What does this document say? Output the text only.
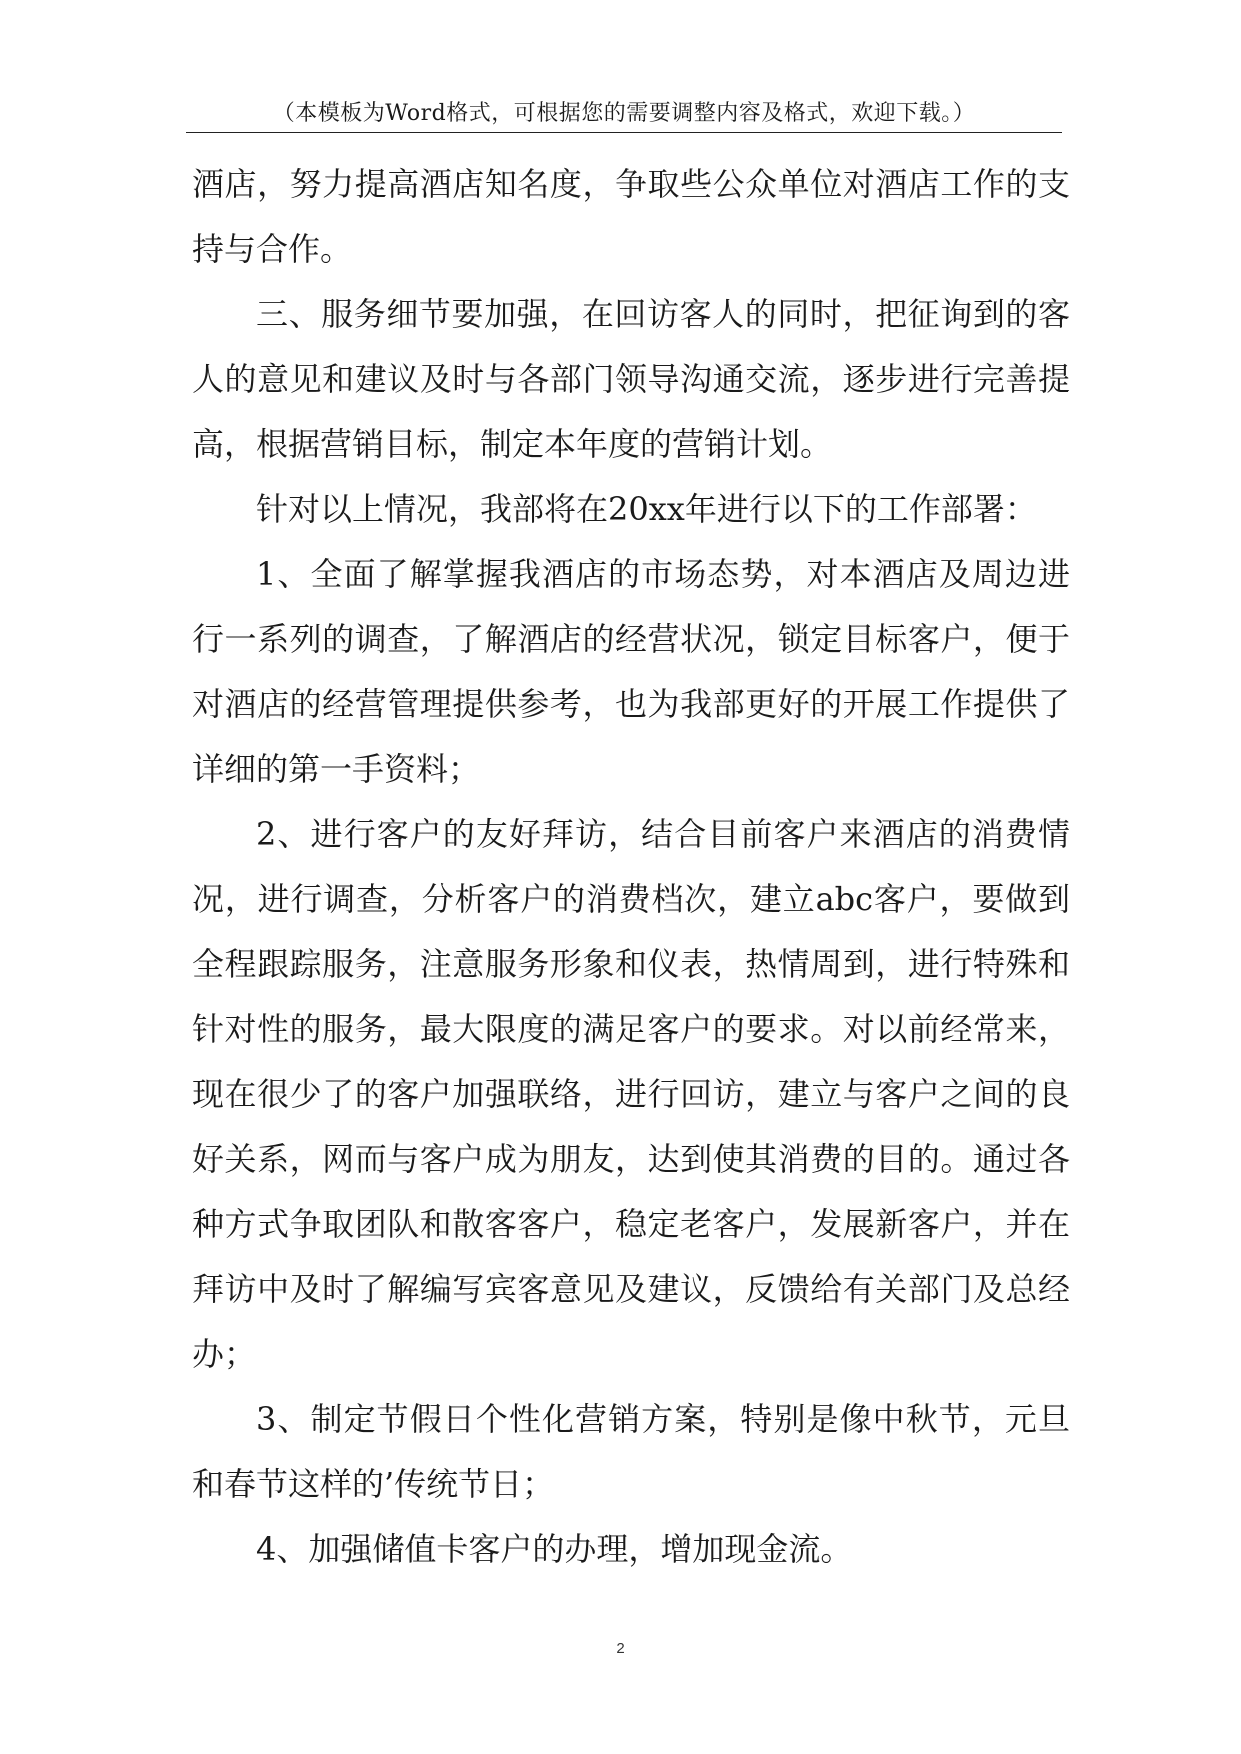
（本模板为Word格式，可根据您的需要调整内容及格式，欢迎下载。）

酒店，努力提高酒店知名度，争取些公众单位对酒店工作的支持与合作。

三、服务细节要加强，在回访客人的同时，把征询到的客人的意见和建议及时与各部门领导沟通交流，逐步进行完善提高，根据营销目标，制定本年度的营销计划。

针对以上情况，我部将在20xx年进行以下的工作部署：

1、全面了解掌握我酒店的市场态势，对本酒店及周边进行一系列的调查，了解酒店的经营状况，锁定目标客户，便于对酒店的经营管理提供参考，也为我部更好的开展工作提供了详细的第一手资料；

2、进行客户的友好拜访，结合目前客户来酒店的消费情况，进行调查，分析客户的消费档次，建立abc客户，要做到全程跟踪服务，注意服务形象和仪表，热情周到，进行特殊和针对性的服务，最大限度的满足客户的要求。对以前经常来，现在很少了的客户加强联络，进行回访，建立与客户之间的良好关系，网而与客户成为朋友，达到使其消费的目的。通过各种方式争取团队和散客客户，稳定老客户，发展新客户，并在拜访中及时了解编写宾客意见及建议，反馈给有关部门及总经办；

3、制定节假日个性化营销方案，特别是像中秋节，元旦和春节这样的’传统节日；

4、加强储值卡客户的办理，增加现金流。

2
